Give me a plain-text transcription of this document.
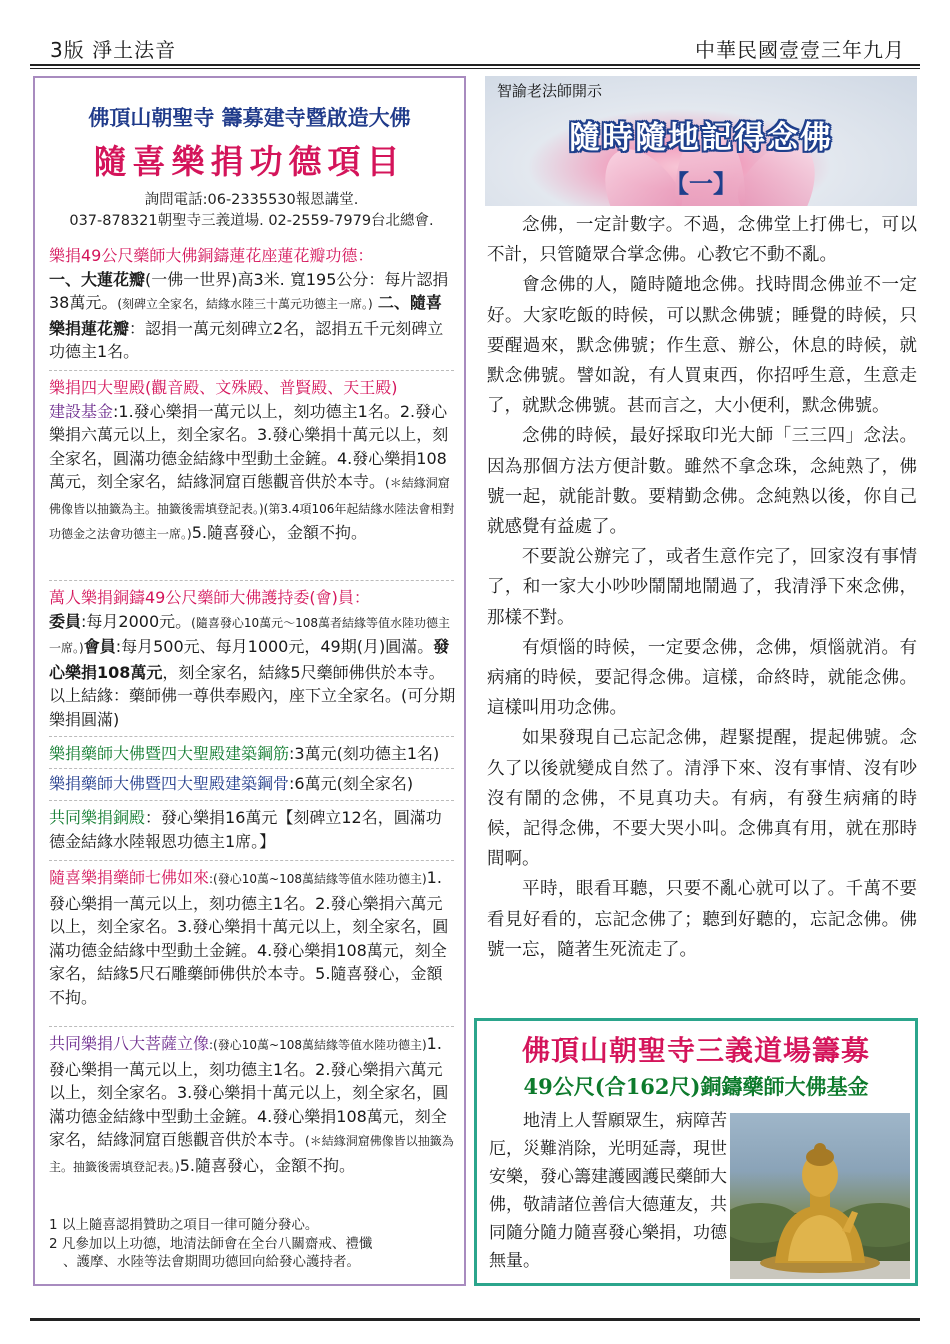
3版 淨土法音	中華民國壹壹三年九月
佛頂山朝聖寺 籌募建寺暨啟造大佛
隨喜樂捐功德項目
詢問電話:06-2335530報恩講堂.
037-878321朝聖寺三義道場. 02-2559-7979台北總會.

樂捐49公尺藥師大佛銅鑄蓮花座蓮花瓣功德：
一、大蓮花瓣(一佛一世界)高3米. 寬195公分：每片認捐38萬元。(刻碑立全家名，結緣水陸三十萬元功德主一席。) 二、隨喜樂捐蓮花瓣：認捐一萬元刻碑立2名，認捐五千元刻碑立功德主1名。

樂捐四大聖殿(觀音殿、文殊殿、普賢殿、天王殿)
建設基金:1.發心樂捐一萬元以上，刻功德主1名。2.發心樂捐六萬元以上，刻全家名。3.發心樂捐十萬元以上，刻全家名，圓滿功德金結緣中型動土金鏟。4.發心樂捐108萬元，刻全家名，結緣洞窟百態觀音供於本寺。(＊結緣洞窟佛像皆以抽籤為主。抽籤後需填登記表。)(第3.4項106年起結緣水陸法會相對功德金之法會功德主一席。)5.隨喜發心，金額不拘。

萬人樂捐銅鑄49公尺藥師大佛護持委(會)員：
委員:每月2000元。(隨喜發心10萬元～108萬者結緣等值水陸功德主一席。)會員:每月500元、每月1000元，49期(月)圓滿。發心樂捐108萬元，刻全家名，結緣5尺藥師佛供於本寺。以上結緣：藥師佛一尊供奉殿內，座下立全家名。(可分期樂捐圓滿)

樂捐藥師大佛暨四大聖殿建築鋼筋:3萬元(刻功德主1名)

樂捐藥師大佛暨四大聖殿建築鋼骨:6萬元(刻全家名)

共同樂捐銅殿：發心樂捐16萬元【刻碑立12名，圓滿功德金結緣水陸報恩功德主1席。】

隨喜樂捐藥師七佛如來:(發心10萬~108萬結緣等值水陸功德主)1.發心樂捐一萬元以上，刻功德主1名。2.發心樂捐六萬元以上，刻全家名。3.發心樂捐十萬元以上，刻全家名，圓滿功德金結緣中型動土金鏟。4.發心樂捐108萬元，刻全家名，結緣5尺石雕藥師佛供於本寺。5.隨喜發心，金額不拘。

共同樂捐八大菩薩立像:(發心10萬~108萬結緣等值水陸功德主)1.發心樂捐一萬元以上，刻功德主1名。2.發心樂捐六萬元以上，刻全家名。3.發心樂捐十萬元以上，刻全家名，圓滿功德金結緣中型動土金鏟。4.發心樂捐108萬元，刻全家名，結緣洞窟百態觀音供於本寺。(＊結緣洞窟佛像皆以抽籤為主。抽籤後需填登記表。)5.隨喜發心，金額不拘。

1 以上隨喜認捐贊助之項目一律可隨分發心。
2 凡參加以上功德，地清法師會在全台八關齋戒、禮懺
、護摩、水陸等法會期間功德回向給發心護持者。
智諭老法師開示
隨時隨地記得念佛
【一】

念佛，一定計數字。不過，念佛堂上打佛七，可以不計，只管隨眾合掌念佛。心教它不動不亂。

會念佛的人，隨時隨地念佛。找時間念佛並不一定好。大家吃飯的時候，可以默念佛號；睡覺的時候，只要醒過來，默念佛號；作生意、辦公，休息的時候，就默念佛號。譬如說，有人買東西，你招呼生意，生意走了，就默念佛號。甚而言之，大小便利，默念佛號。

念佛的時候，最好採取印光大師「三三四」念法。因為那個方法方便計數。雖然不拿念珠，念純熟了，佛號一起，就能計數。要精勤念佛。念純熟以後，你自己就感覺有益處了。

不要說公辦完了，或者生意作完了，回家沒有事情了，和一家大小吵吵鬧鬧地鬧過了，我清淨下來念佛，那樣不對。

有煩惱的時候，一定要念佛，念佛，煩惱就消。有病痛的時候，要記得念佛。這樣，命終時，就能念佛。這樣叫用功念佛。

如果發現自己忘記念佛，趕緊提醒，提起佛號。念久了以後就變成自然了。清淨下來、沒有事情、沒有吵沒有鬧的念佛，不見真功夫。有病，有發生病痛的時候，記得念佛，不要大哭小叫。念佛真有用，就在那時間啊。

平時，眼看耳聽，只要不亂心就可以了。千萬不要看見好看的，忘記念佛了；聽到好聽的，忘記念佛。佛號一忘，隨著生死流走了。

佛頂山朝聖寺三義道場籌募
49公尺(合162尺)銅鑄藥師大佛基金

地清上人誓願眾生，病障苦厄，災難消除，光明延壽，現世安樂，發心籌建護國護民藥師大佛，敬請諸位善信大德蓮友，共同隨分隨力隨喜發心樂捐，功德無量。
